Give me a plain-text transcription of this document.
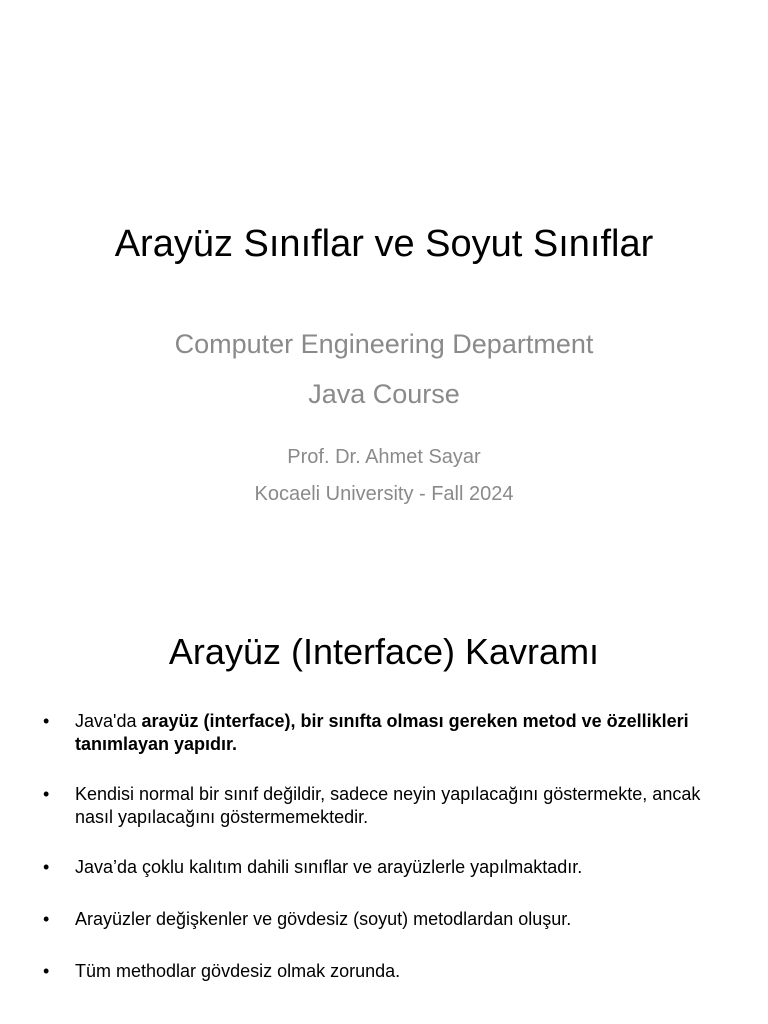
Arayüz Sınıflar ve Soyut Sınıflar
Computer Engineering Department
Java Course
Prof. Dr. Ahmet Sayar
Kocaeli University - Fall 2024
Arayüz (Interface) Kavramı
• Java'da arayüz (interface), bir sınıfta olması gereken metod ve özellikleri tanımlayan yapıdır.
• Kendisi normal bir sınıf değildir, sadece neyin yapılacağını göstermekte, ancak nasıl yapılacağını göstermemektedir.
• Java’da çoklu kalıtım dahili sınıflar ve arayüzlerle yapılmaktadır.
• Arayüzler değişkenler ve gövdesiz (soyut) metodlardan oluşur.
• Tüm methodlar gövdesiz olmak zorunda.
